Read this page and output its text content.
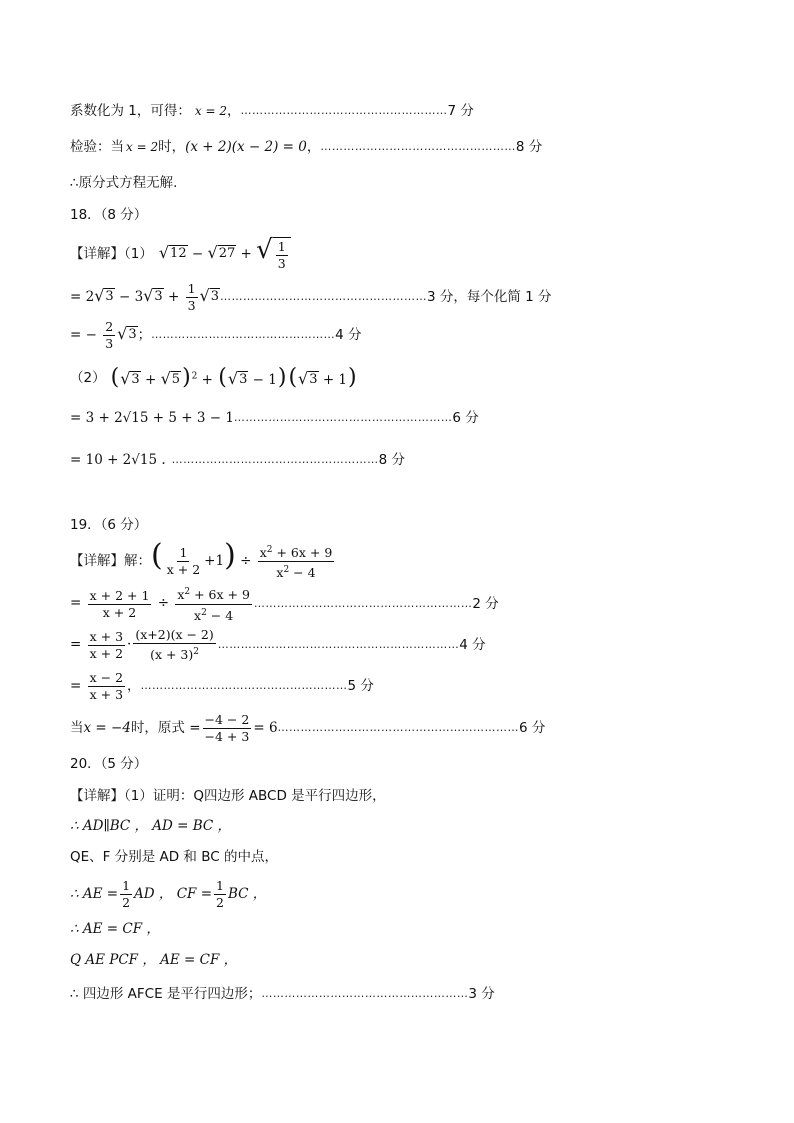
系数化为 1，可得： x = 2 ， ……………………………………………… 7 分
检验：当 x = 2 时， (x + 2)(x − 2) = 0 ， …………………………………………… 8 分
∴原分式方程无解.
18．（8 分）
【详解】（1） √ 12 − √ 27 + √ $\frac{1}{3}$
= 2 √ 3 − 3 √ $3 + \frac{1}{3}$ √ 3 ……………………………………………… 3 分，每个化简 1 分
= − $\frac{2}{3}$ √ 3 ； ………………………………………… 4 分
（2） ( √ 3 + √ 5 )$^2$ + ( √ 3 − 1)( √ 3 + 1)
= 3 + 2√15 + 5 + 3 − 1 ………………………………………………… 6 分
= 10 + 2√15 . ……………………………………………… 8 分
19．（6 分）
【详解】解： ( $\frac{1}{x + 2} +1) \div \frac{x^2 + 6x + 9}{x^2 - 4}$
= $\frac{x + 2 + 1}{x + 2} \div \frac{x^2 + 6x + 9}{x^2 - 4}$ ………………………………………………… 2 分
= $\frac{x + 3}{x + 2} \cdot \frac{(x+2)(x - 2)}{(x + 3)^2}$ ……………………………………………………… 4 分
= $\frac{x - 2}{x + 3}$ ， ……………………………………………… 5 分
当 x = −4 时，原式 = $\frac{-4 - 2}{-4 + 3} = 6$ ……………………………………………………… 6 分
20．（5 分）
【详解】（1）证明： Q四边形 ABCD 是平行四边形，
∴ AD∥BC ， AD = BC ，
QE、F 分别是 AD 和 BC 的中点，
∴ AE = $\frac{1}{2}$ AD ， CF = $\frac{1}{2}$ BC ，
∴ AE = CF ，
Q AE PCF ， AE = CF ，
∴ 四边形 AFCE 是平行四边形； ……………………………………………… 3 分
